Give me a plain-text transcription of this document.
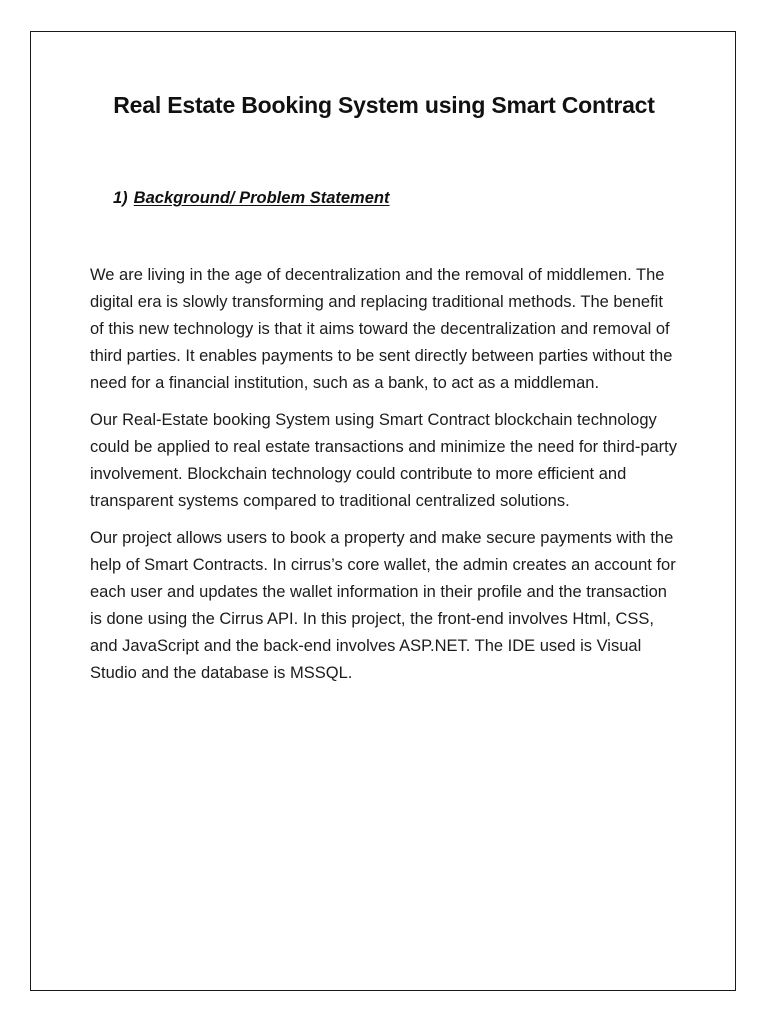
Real Estate Booking System using Smart Contract
1) Background/ Problem Statement

We are living in the age of decentralization and the removal of middlemen. The digital era is slowly transforming and replacing traditional methods. The benefit of this new technology is that it aims toward the decentralization and removal of third parties. It enables payments to be sent directly between parties without the need for a financial institution, such as a bank, to act as a middleman.

Our Real-Estate booking System using Smart Contract blockchain technology could be applied to real estate transactions and minimize the need for third-party involvement. Blockchain technology could contribute to more efficient and transparent systems compared to traditional centralized solutions.

Our project allows users to book a property and make secure payments with the help of Smart Contracts. In cirrus’s core wallet, the admin creates an account for each user and updates the wallet information in their profile and the transaction is done using the Cirrus API. In this project, the front-end involves Html, CSS, and JavaScript and the back-end involves ASP.NET. The IDE used is Visual Studio and the database is MSSQL.
